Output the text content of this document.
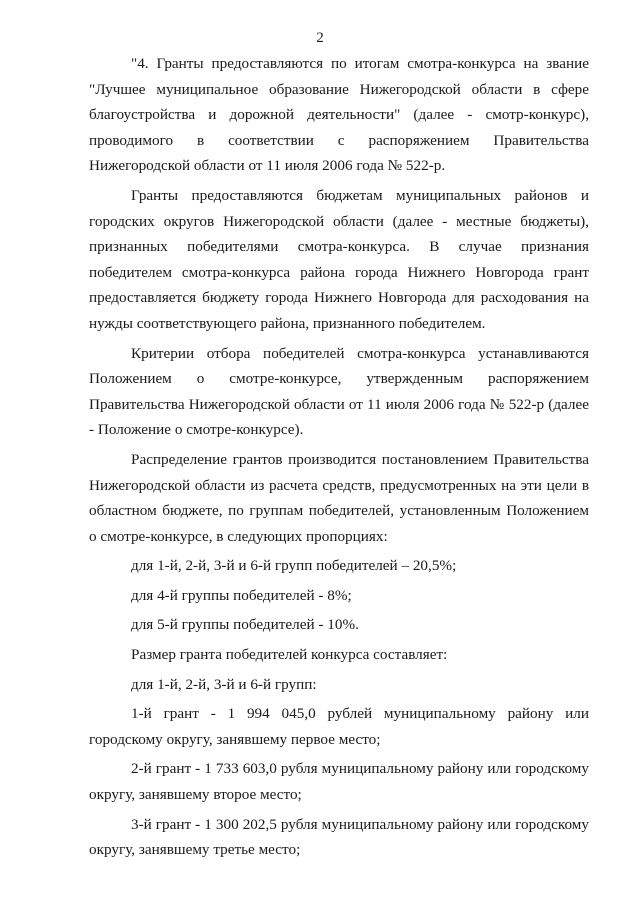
2

"4. Гранты предоставляются по итогам смотра-конкурса на звание "Лучшее муниципальное образование Нижегородской области в сфере благоустройства и дорожной деятельности" (далее - смотр-конкурс), проводимого в соответствии с распоряжением Правительства Нижегородской области от 11 июля 2006 года № 522-р.

Гранты предоставляются бюджетам муниципальных районов и городских округов Нижегородской области (далее - местные бюджеты), признанных победителями смотра-конкурса. В случае признания победителем смотра-конкурса района города Нижнего Новгорода грант предоставляется бюджету города Нижнего Новгорода для расходования на нужды соответствующего района, признанного победителем.

Критерии отбора победителей смотра-конкурса устанавливаются Положением о смотре-конкурсе, утвержденным распоряжением Правительства Нижегородской области от 11 июля 2006 года № 522-р (далее - Положение о смотре-конкурсе).

Распределение грантов производится постановлением Правительства Нижегородской области из расчета средств, предусмотренных на эти цели в областном бюджете, по группам победителей, установленным Положением о смотре-конкурсе, в следующих пропорциях:

для 1-й, 2-й, 3-й и 6-й групп победителей – 20,5%;

для 4-й группы победителей - 8%;

для 5-й группы победителей - 10%.

Размер гранта победителей конкурса составляет:

для 1-й, 2-й, 3-й и 6-й групп:

1-й грант - 1 994 045,0 рублей муниципальному району или городскому округу, занявшему первое место;

2-й грант - 1 733 603,0 рубля муниципальному району или городскому округу, занявшему второе место;

3-й грант - 1 300 202,5 рубля муниципальному району или городскому округу, занявшему третье место;
